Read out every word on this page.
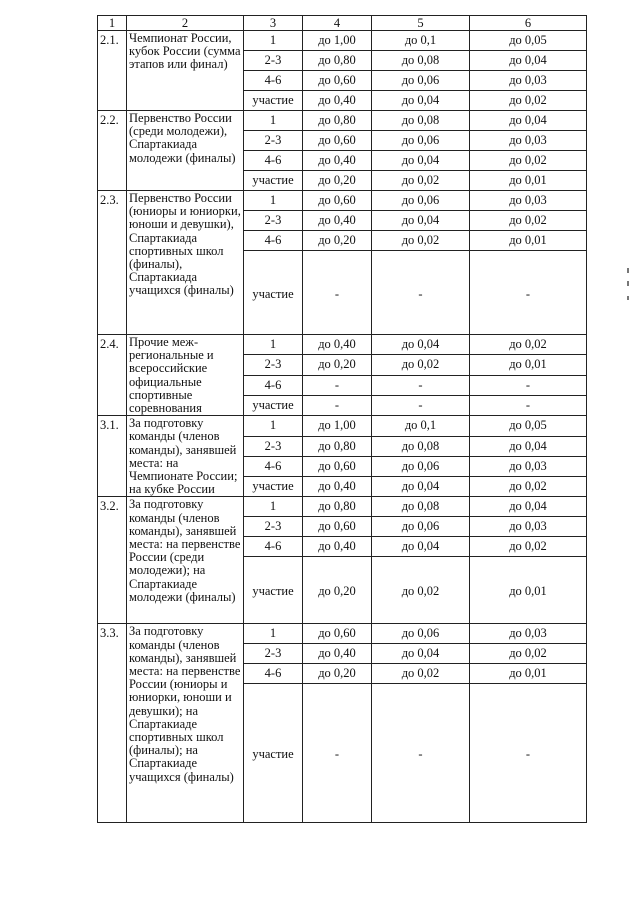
1	2	3	4	5	6
2.1.	Чемпионат России, кубок России (сумма этапов или финал)	1	до 1,00	до 0,1	до 0,05
		2-3	до 0,80	до 0,08	до 0,04
		4-6	до 0,60	до 0,06	до 0,03
		участие	до 0,40	до 0,04	до 0,02
2.2.	Первенство России (среди молодежи), Спартакиада молодежи (финалы)	1	до 0,80	до 0,08	до 0,04
		2-3	до 0,60	до 0,06	до 0,03
		4-6	до 0,40	до 0,04	до 0,02
		участие	до 0,20	до 0,02	до 0,01
2.3.	Первенство России (юниоры и юниорки, юноши и девушки), Спартакиада спортивных школ (финалы), Спартакиада учащихся (финалы)	1	до 0,60	до 0,06	до 0,03
		2-3	до 0,40	до 0,04	до 0,02
		4-6	до 0,20	до 0,02	до 0,01
		участие	-	-	-
2.4.	Прочие меж-региональные и всероссийские официальные спортивные соревнования	1	до 0,40	до 0,04	до 0,02
		2-3	до 0,20	до 0,02	до 0,01
		4-6	-	-	-
		участие	-	-	-
3.1.	За подготовку команды (членов команды), занявшей места: на Чемпионате России; на кубке России	1	до 1,00	до 0,1	до 0,05
		2-3	до 0,80	до 0,08	до 0,04
		4-6	до 0,60	до 0,06	до 0,03
		участие	до 0,40	до 0,04	до 0,02
3.2.	За подготовку команды (членов команды), занявшей места: на первенстве России (среди молодежи); на Спартакиаде молодежи (финалы)	1	до 0,80	до 0,08	до 0,04
		2-3	до 0,60	до 0,06	до 0,03
		4-6	до 0,40	до 0,04	до 0,02
		участие	до 0,20	до 0,02	до 0,01
3.3.	За подготовку команды (членов команды), занявшей места: на первенстве России (юниоры и юниорки, юноши и девушки); на Спартакиаде спортивных школ (финалы); на Спартакиаде учащихся (финалы)	1	до 0,60	до 0,06	до 0,03
		2-3	до 0,40	до 0,04	до 0,02
		4-6	до 0,20	до 0,02	до 0,01
		участие	-	-	-
